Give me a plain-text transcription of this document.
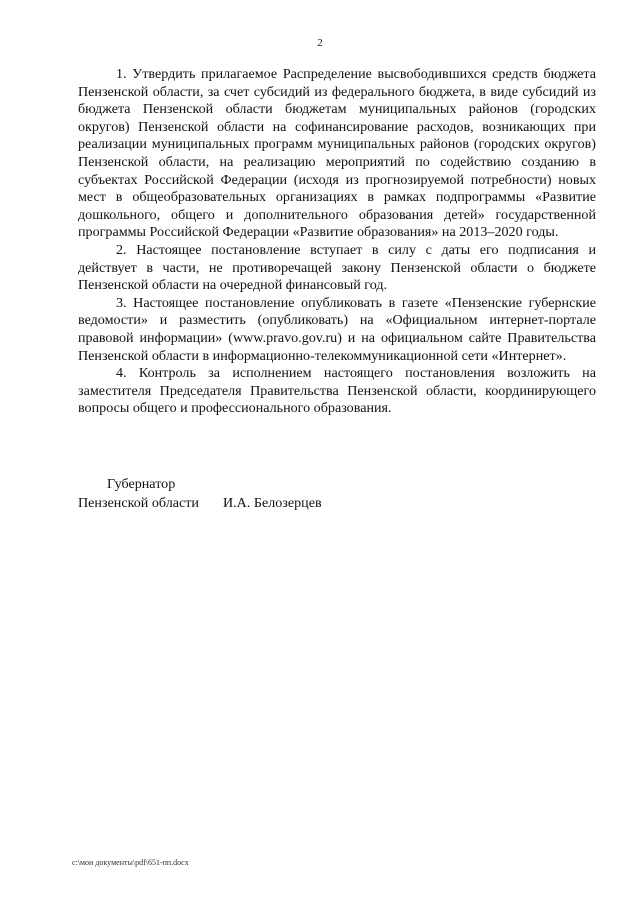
2

1. Утвердить прилагаемое Распределение высвободившихся средств бюджета Пензенской области, за счет субсидий из федерального бюджета, в виде субсидий из бюджета Пензенской области бюджетам муниципальных районов (городских округов) Пензенской области на софинансирование расходов, возникающих при реализации муниципальных программ муниципальных районов (городских округов) Пензенской области, на реализацию мероприятий по содействию созданию в субъектах Российской Федерации (исходя из прогнозируемой потребности) новых мест в общеобразовательных организациях в рамках подпрограммы «Развитие дошкольного, общего и дополнительного образования детей» государственной программы Российской Федерации «Развитие образования» на 2013–2020 годы.

2. Настоящее постановление вступает в силу с даты его подписания и действует в части, не противоречащей закону Пензенской области о бюджете Пензенской области на очередной финансовый год.

3. Настоящее постановление опубликовать в газете «Пензенские губернские ведомости» и разместить (опубликовать) на «Официальном интернет-портале правовой информации» (www.pravo.gov.ru) и на официальном сайте Правительства Пензенской области в информационно-телекоммуникационной сети «Интернет».

4. Контроль за исполнением настоящего постановления возложить на заместителя Председателя Правительства Пензенской области, координирующего вопросы общего и профессионального образования.

Губернатор
Пензенской области И.А. Белозерцев
c:\мои документы\pdf\651-пп.docx
